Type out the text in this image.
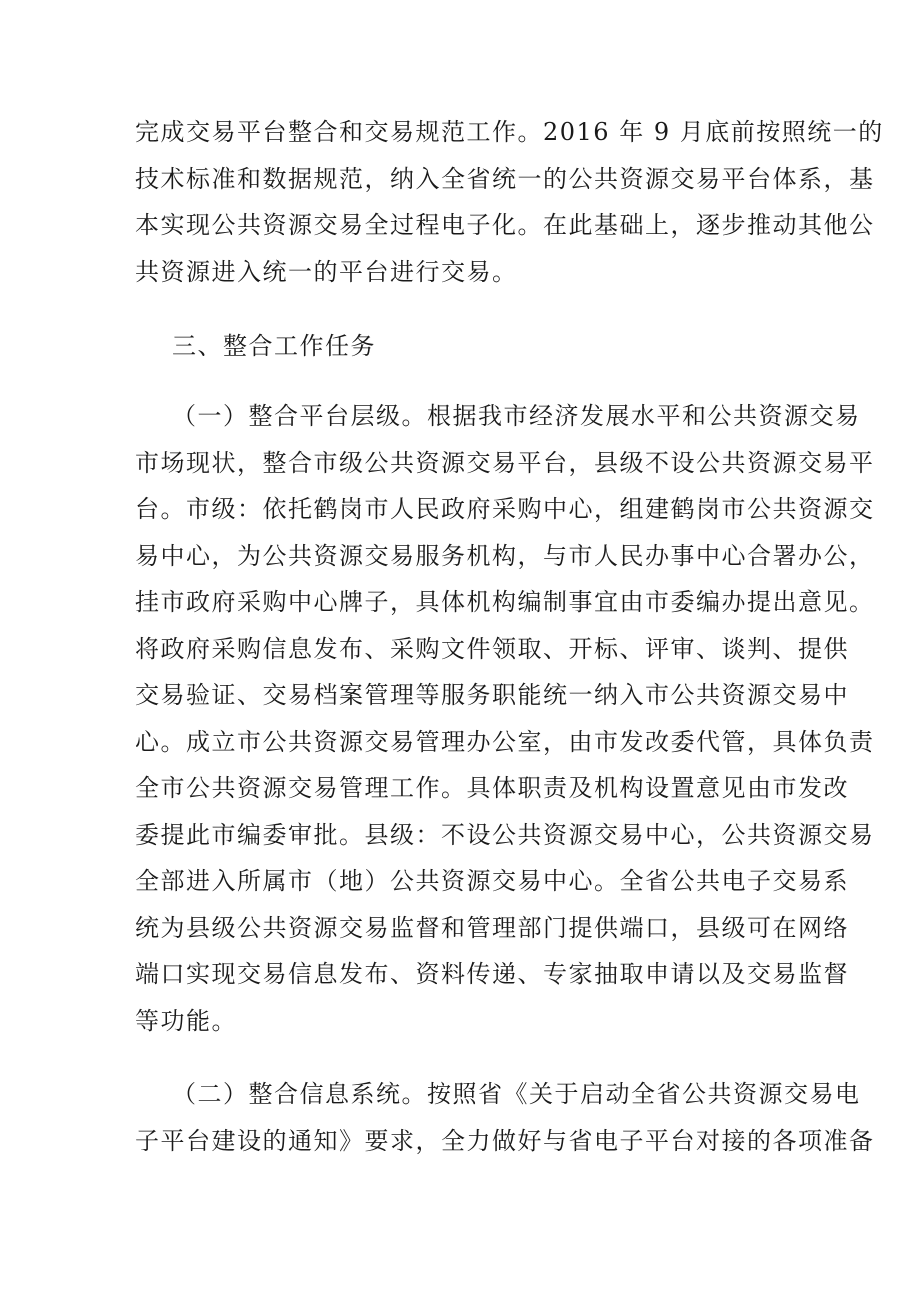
完成交易平台整合和交易规范工作。2016 年 9 月底前按照统一的
技术标准和数据规范，纳入全省统一的公共资源交易平台体系，基
本实现公共资源交易全过程电子化。在此基础上，逐步推动其他公
共资源进入统一的平台进行交易。
三、整合工作任务
（一）整合平台层级。根据我市经济发展水平和公共资源交易
市场现状，整合市级公共资源交易平台，县级不设公共资源交易平
台。市级：依托鹤岗市人民政府采购中心，组建鹤岗市公共资源交
易中心，为公共资源交易服务机构，与市人民办事中心合署办公，
挂市政府采购中心牌子，具体机构编制事宜由市委编办提出意见。
将政府采购信息发布、采购文件领取、开标、评审、谈判、提供
交易验证、交易档案管理等服务职能统一纳入市公共资源交易中
心。成立市公共资源交易管理办公室，由市发改委代管，具体负责
全市公共资源交易管理工作。具体职责及机构设置意见由市发改
委提此市编委审批。县级：不设公共资源交易中心，公共资源交易
全部进入所属市（地）公共资源交易中心。全省公共电子交易系
统为县级公共资源交易监督和管理部门提供端口，县级可在网络
端口实现交易信息发布、资料传递、专家抽取申请以及交易监督
等功能。
（二）整合信息系统。按照省《关于启动全省公共资源交易电
子平台建设的通知》要求，全力做好与省电子平台对接的各项准备
